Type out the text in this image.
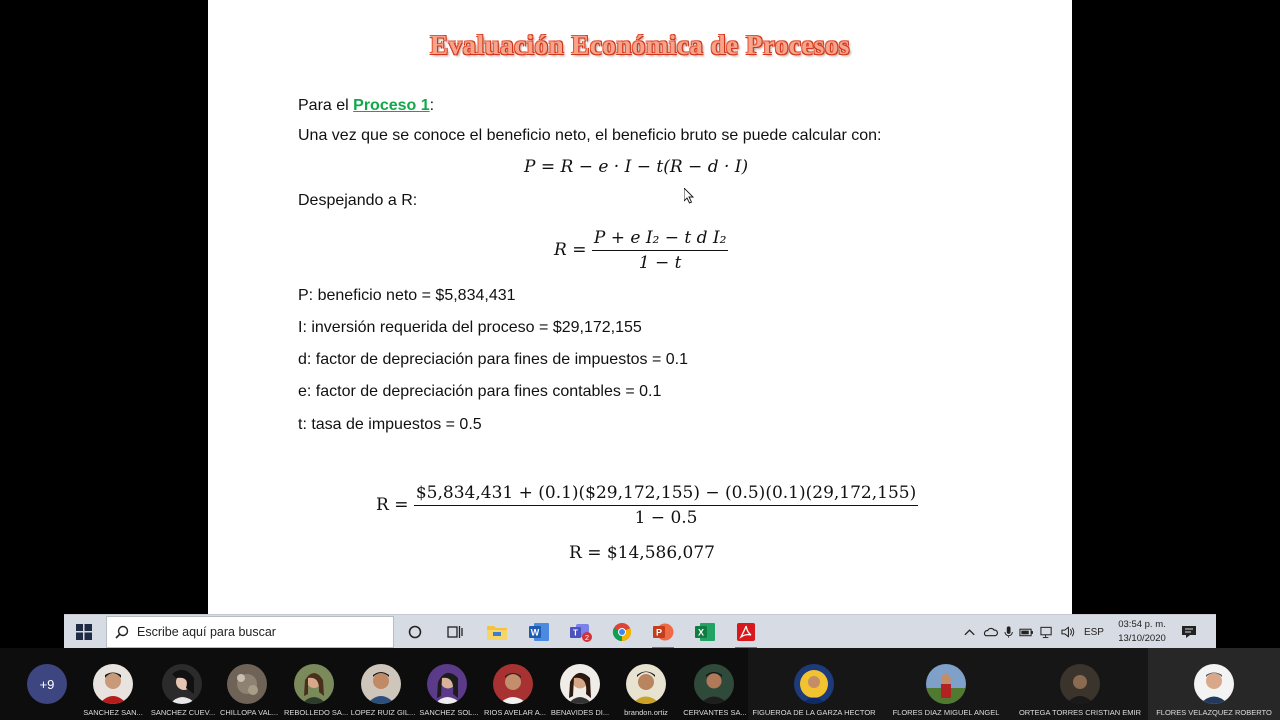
Evaluación Económica de Procesos
Para el Proceso 1:
Una vez que se conoce el beneficio neto, el beneficio bruto se puede calcular con:
P = R − e · I − t(R − d · I)
Despejando a R:
$R = \frac{\text{P + e I₂ − t d I₂}}{1 - t}$
P: beneficio neto = $5,834,431
I: inversión requerida del proceso = $29,172,155
d: factor de depreciación para fines de impuestos = 0.1
e: factor de depreciación para fines contables = 0.1
t: tasa de impuestos = 0.5
$R = \frac{\$5,834,431 + (0.1)(\$29,172,155) - (0.5)(0.1)(29,172,155)}{1 - 0.5}$
R = $14,586,077
Escribe aquí para buscar	W	T 2	P	X	ESP
03:54 p. m.
13/10/2020
+9
SANCHEZ SAN... SANCHEZ CUEV... CHILLOPA VAL... REBOLLEDO SA... LOPEZ RUIZ GIL... SANCHEZ SOL... RIOS AVELAR A... BENAVIDES DI...	brandon.ortiz	CERVANTES SA... FIGUEROA DE LA GARZA HECTOR	FLORES DIAZ MIGUEL ANGEL	ORTEGA TORRES CRISTIAN EMIR	FLORES VELAZQUEZ ROBERTO
